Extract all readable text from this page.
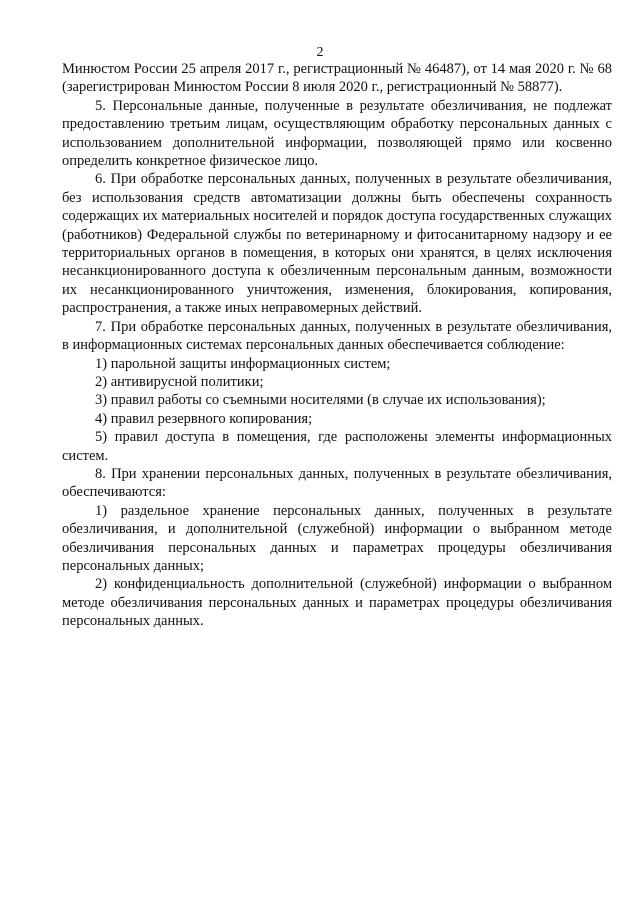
2

Минюстом России 25 апреля 2017 г., регистрационный № 46487), от 14 мая 2020 г. № 68 (зарегистрирован Минюстом России 8 июля 2020 г., регистрационный № 58877).

5. Персональные данные, полученные в результате обезличивания, не подлежат предоставлению третьим лицам, осуществляющим обработку персональных данных с использованием дополнительной информации, позволяющей прямо или косвенно определить конкретное физическое лицо.

6. При обработке персональных данных, полученных в результате обезличивания, без использования средств автоматизации должны быть обеспечены сохранность содержащих их материальных носителей и порядок доступа государственных служащих (работников) Федеральной службы по ветеринарному и фитосанитарному надзору и ее территориальных органов в помещения, в которых они хранятся, в целях исключения несанкционированного доступа к обезличенным персональным данным, возможности их несанкционированного уничтожения, изменения, блокирования, копирования, распространения, а также иных неправомерных действий.

7. При обработке персональных данных, полученных в результате обезличивания, в информационных системах персональных данных обеспечивается соблюдение:

1) парольной защиты информационных систем;

2) антивирусной политики;

3) правил работы со съемными носителями (в случае их использования);

4) правил резервного копирования;

5) правил доступа в помещения, где расположены элементы информационных систем.

8. При хранении персональных данных, полученных в результате обезличивания, обеспечиваются:

1) раздельное хранение персональных данных, полученных в результате обезличивания, и дополнительной (служебной) информации о выбранном методе обезличивания персональных данных и параметрах процедуры обезличивания персональных данных;

2) конфиденциальность дополнительной (служебной) информации о выбранном методе обезличивания персональных данных и параметрах процедуры обезличивания персональных данных.
